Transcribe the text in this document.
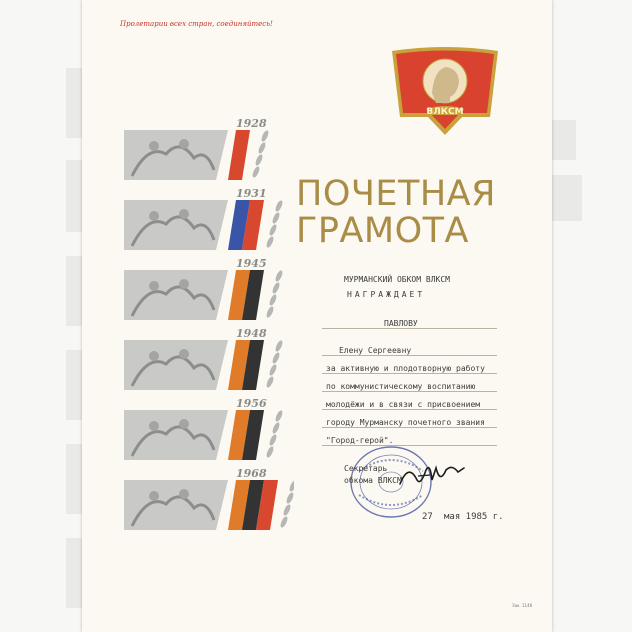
Пролетарии всех стран, соединяйтесь!
ВЛКСМ
1928
1931
1945
1948
1956
1968
ПОЧЕТНАЯ
ГРАМОТА
МУРМАНСКИЙ ОБКОМ ВЛКСМ
НАГРАЖДАЕТ
ПАВЛОВУ
Елену Сергеевну
за активную и плодотворную работу
по коммунистическому воспитанию
молодёжи и в связи с присвоением
городу Мурманску почетного звания
"Город-герой".
Секретарь
обкома ВЛКСМ
27 мая 1985 г.
Зак. 1146
